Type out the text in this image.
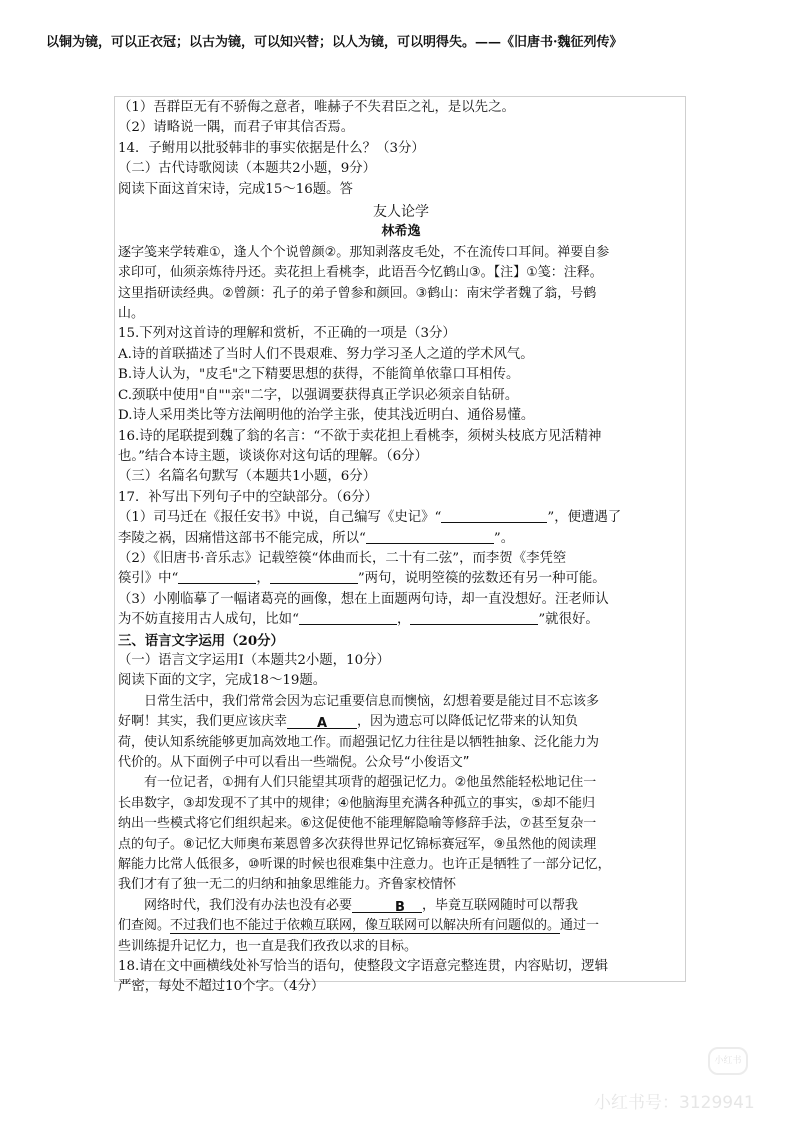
以铜为镜，可以正衣冠；以古为镜，可以知兴替；以人为镜，可以明得失。——《旧唐书·魏征列传》

（1）吾群臣无有不骄侮之意者，唯赫子不失君臣之礼，是以先之。

（2）请略说一隅，而君子审其信否焉。

14．子鲋用以批驳韩非的事实依据是什么？（3分）

（二）古代诗歌阅读（本题共2小题，9分）

阅读下面这首宋诗，完成15～16题。答

友人论学

林希逸

逐字笺来学转难①，逢人个个说曾颜②。那知剥落皮毛处，不在流传口耳间。禅要自参

求印可，仙须亲炼待丹还。卖花担上看桃李，此语吾今忆鹤山③。【注】①笺：注释。

这里指研读经典。②曾颜：孔子的弟子曾参和颜回。③鹤山：南宋学者魏了翁，号鹤

山。

15.下列对这首诗的理解和赏析，不正确的一项是（3分）

A.诗的首联描述了当时人们不畏艰难、努力学习圣人之道的学术风气。

B.诗人认为，"皮毛"之下精要思想的获得，不能简单依靠口耳相传。

C.颈联中使用"自""亲"二字，以强调要获得真正学识必须亲自钻研。

D.诗人采用类比等方法阐明他的治学主张，使其浅近明白、通俗易懂。

16.诗的尾联提到魏了翁的名言：“不欲于卖花担上看桃李，须树头枝底方见活精神

也。”结合本诗主题，谈谈你对这句话的理解。（6分）

（三）名篇名句默写（本题共1小题，6分）

17．补写出下列句子中的空缺部分。（6分）

（1）司马迁在《报任安书》中说，自己编写《史记》“	”，便遭遇了

李陵之祸，因痛惜这部书不能完成，所以“	”。

（2）《旧唐书·音乐志》记载箜篌“体曲而长，二十有二弦”，而李贺《李凭箜

篌引》中“	，	”两句，说明箜篌的弦数还有另一种可能。

（3）小刚临摹了一幅诸葛亮的画像，想在上面题两句诗，却一直没想好。汪老师认

为不妨直接用古人成句，比如“	，	”就很好。

三、语言文字运用（20分）

（一）语言文字运用Ⅰ（本题共2小题，10分）

阅读下面的文字，完成18～19题。

日常生活中，我们常常会因为忘记重要信息而懊恼，幻想着要是能过目不忘该多

好啊！其实，我们更应该庆幸 A ，因为遗忘可以降低记忆带来的认知负

荷，使认知系统能够更加高效地工作。而超强记忆力往往是以牺牲抽象、泛化能力为

代价的。从下面例子中可以看出一些端倪。公众号“小俊语文”

有一位记者，①拥有人们只能望其项背的超强记忆力。②他虽然能轻松地记住一

长串数字，③却发现不了其中的规律；④他脑海里充满各种孤立的事实，⑤却不能归

纳出一些模式将它们组织起来。⑥这促使他不能理解隐喻等修辞手法，⑦甚至复杂一

点的句子。⑧记忆大师奥布莱恩曾多次获得世界记忆锦标赛冠军，⑨虽然他的阅读理

解能力比常人低很多，⑩听课的时候也很难集中注意力。也许正是牺牲了一部分记忆，

我们才有了独一无二的归纳和抽象思维能力。齐鲁家校情怀

网络时代，我们没有办法也没有必要	B ，毕竟互联网随时可以帮我

们查阅。不过我们也不能过于依赖互联网，像互联网可以解决所有问题似的。通过一

些训练提升记忆力，也一直是我们孜孜以求的目标。

18.请在文中画横线处补写恰当的语句，使整段文字语意完整连贯，内容贴切，逻辑

严密，每处不超过10个字。（4分）

小红书
小红书号：3129941
